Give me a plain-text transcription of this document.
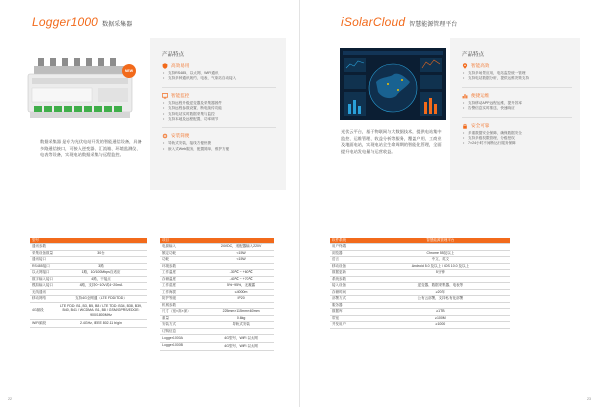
Logger1000 数据采集器
NEW
数据采集器 是专为光伏电站开发的智能通信设备，具备多路通信接口，可接入逆变器、汇流箱、环境监测仪、电表等设备，实现电站数据采集与远程监控。
产品特点
高效易用
• 支持RS485、以太网、WiFi通讯
• 支持多种通讯规约，电表、气象站自动接入
智能监控
• 支持远程升级逆变器及采集器固件
• 支持远程参数设置、断电续传功能
• 支持电站实时数据采集与监控
• 支持本地及远程配置，功率调节
安装简便
• 导轨式安装，接线方便快捷
• 嵌入式Web服务，配置简单，维护方便
型号	
通讯参数	
采集设备数量	30台
通讯接口	
RS485接口	3路
以太网接口	1路，10/100Mbps自适应
数字输入接口	4路，干接点
模拟输入接口	4路，支持0~10V或4~20mA
无线通讯	
移动网络	支持4G全网通（LTE FDD/TDD）
4G频段	LTE FDD: B1, B3, B5, B8 / LTE TDD: B34, B38, B39, B40, B41 / WCDMA: B1, B8 / GSM/GPRS/EDGE: 900/1800MHz
WiFi频段	2.4GHz, IEEE 802.11 b/g/n
项目	
电源输入	24VDC，适配器输入220V
额定功耗	<15W
功耗	<15W
环境参数	
工作温度	-30℃ ~ +60℃
存储温度	-40℃ ~ +70℃
工作湿度	5%~95%，无凝露
工作海拔	≤4000m
防护等级	IP20
机械参数	
尺寸（宽×高×深）	225mm×115mm×60mm
重量	0.6kg
安装方式	导轨式安装
订购信息	
Logger1000A	4G型号，WiFi 以太网
Logger1000B	4G型号，WiFi 以太网
22
iSolarCloud 智慧能源管理平台
光伏云平台，基于物联网与大数据技术，提供电站集中监控、运维管理、收益分析等服务，覆盖户用、工商业及地面电站，实现电站全生命周期的智能化管理，全面提升电站发电量与运营收益。
产品特点
智能高效
• 支持多场景应用，电站监控统一管理
• 支持电站数据分析，提供运维决策支持
便捷运维
• 支持移动APP远程运维，提升效率
• 告警信息实时推送，快速响应
安全可靠
• 多重数据安全保障，确保数据安全
• 支持多级权限管理，分级授权
• 7×24小时不间断运行服务保障
软件系统	智慧能源管理平台
用户终端	
浏览器	Chrome 55及以上
语言	中文、英文
移动设备	Android 5.0 及以上 / iOS 10.0 及以上
数据更新	5分钟
系统参数	
接入设备	逆变器、数据采集器、电表等
存储时间	≥20年
部署方式	公有云部署，支持私有化部署
服务器	
数据库	≥1TB
带宽	≥100M
并发用户	≥1000
23
